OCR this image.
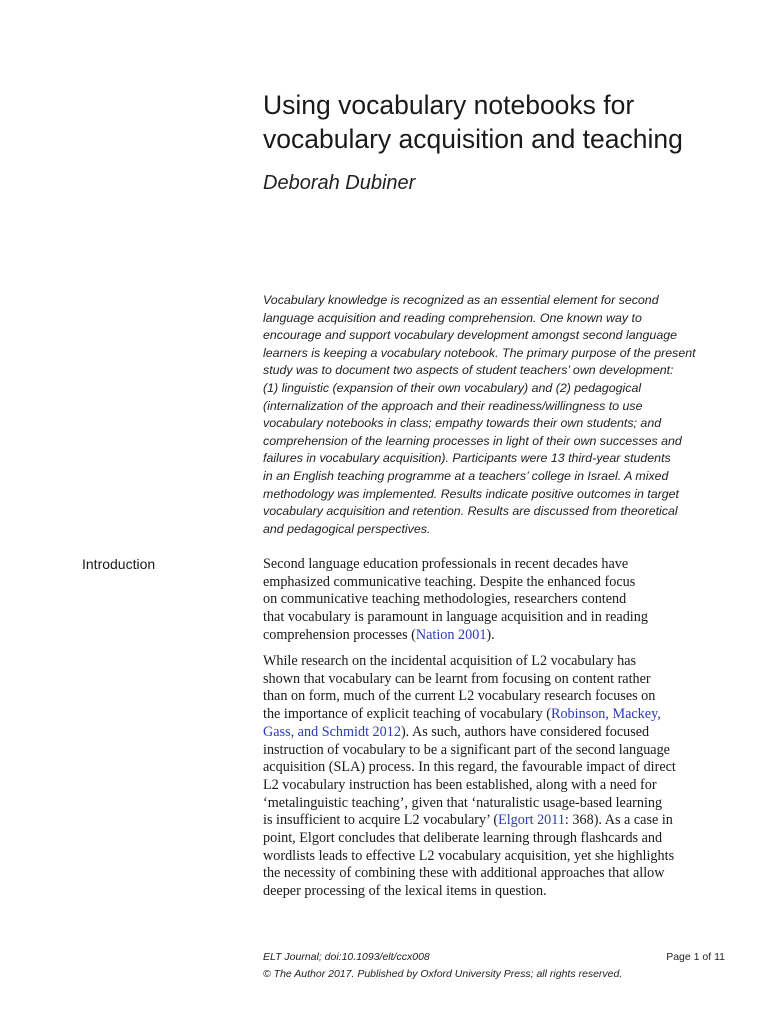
Using vocabulary notebooks for
vocabulary acquisition and teaching
Deborah Dubiner
Vocabulary knowledge is recognized as an essential element for second
language acquisition and reading comprehension. One known way to
encourage and support vocabulary development amongst second language
learners is keeping a vocabulary notebook. The primary purpose of the present
study was to document two aspects of student teachers’ own development:
(1) linguistic (expansion of their own vocabulary) and (2) pedagogical
(internalization of the approach and their readiness/willingness to use
vocabulary notebooks in class; empathy towards their own students; and
comprehension of the learning processes in light of their own successes and
failures in vocabulary acquisition). Participants were 13 third-year students
in an English teaching programme at a teachers’ college in Israel. A mixed
methodology was implemented. Results indicate positive outcomes in target
vocabulary acquisition and retention. Results are discussed from theoretical
and pedagogical perspectives.
Introduction	Second language education professionals in recent decades have
emphasized communicative teaching. Despite the enhanced focus
on communicative teaching methodologies, researchers contend
that vocabulary is paramount in language acquisition and in reading
comprehension processes (Nation 2001).
While research on the incidental acquisition of L2 vocabulary has
shown that vocabulary can be learnt from focusing on content rather
than on form, much of the current L2 vocabulary research focuses on
the importance of explicit teaching of vocabulary (Robinson, Mackey,
Gass, and Schmidt 2012). As such, authors have considered focused
instruction of vocabulary to be a significant part of the second language
acquisition (SLA) process. In this regard, the favourable impact of direct
L2 vocabulary instruction has been established, along with a need for
‘metalinguistic teaching’, given that ‘naturalistic usage-based learning
is insufficient to acquire L2 vocabulary’ (Elgort 2011: 368). As a case in
point, Elgort concludes that deliberate learning through flashcards and
wordlists leads to effective L2 vocabulary acquisition, yet she highlights
the necessity of combining these with additional approaches that allow
deeper processing of the lexical items in question.
ELT Journal; doi:10.1093/elt/ccx008
© The Author 2017. Published by Oxford University Press; all rights reserved.
Page 1 of 11
